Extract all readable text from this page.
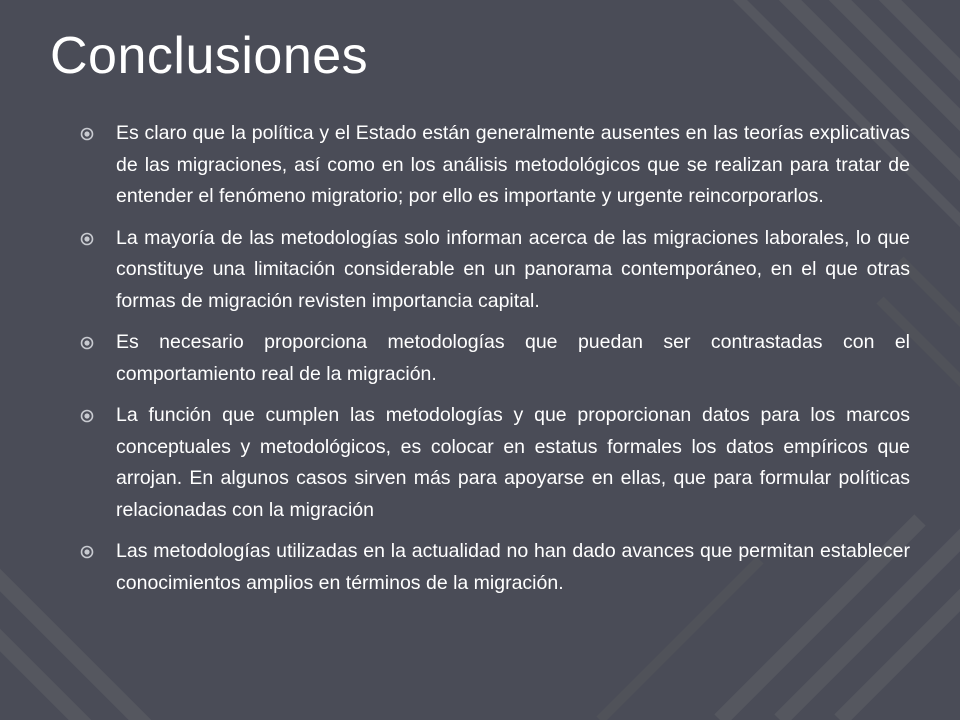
Conclusiones
Es claro que la política y el Estado están generalmente ausentes en las teorías explicativas de las migraciones, así como en los análisis metodológicos que se realizan para tratar de entender el fenómeno migratorio; por ello es importante y urgente reincorporarlos.
La mayoría de las metodologías solo informan acerca de las migraciones laborales, lo que constituye una limitación considerable en un panorama contemporáneo, en el que otras formas de migración revisten importancia capital.
Es necesario proporciona metodologías que puedan ser contrastadas con el comportamiento real de la migración.
La función que cumplen las metodologías y que proporcionan datos para los marcos conceptuales y metodológicos, es colocar en estatus formales los datos empíricos que arrojan. En algunos casos sirven más para apoyarse en ellas, que para formular políticas relacionadas con la migración
Las metodologías utilizadas en la actualidad no han dado avances que permitan establecer conocimientos amplios en términos de la migración.
